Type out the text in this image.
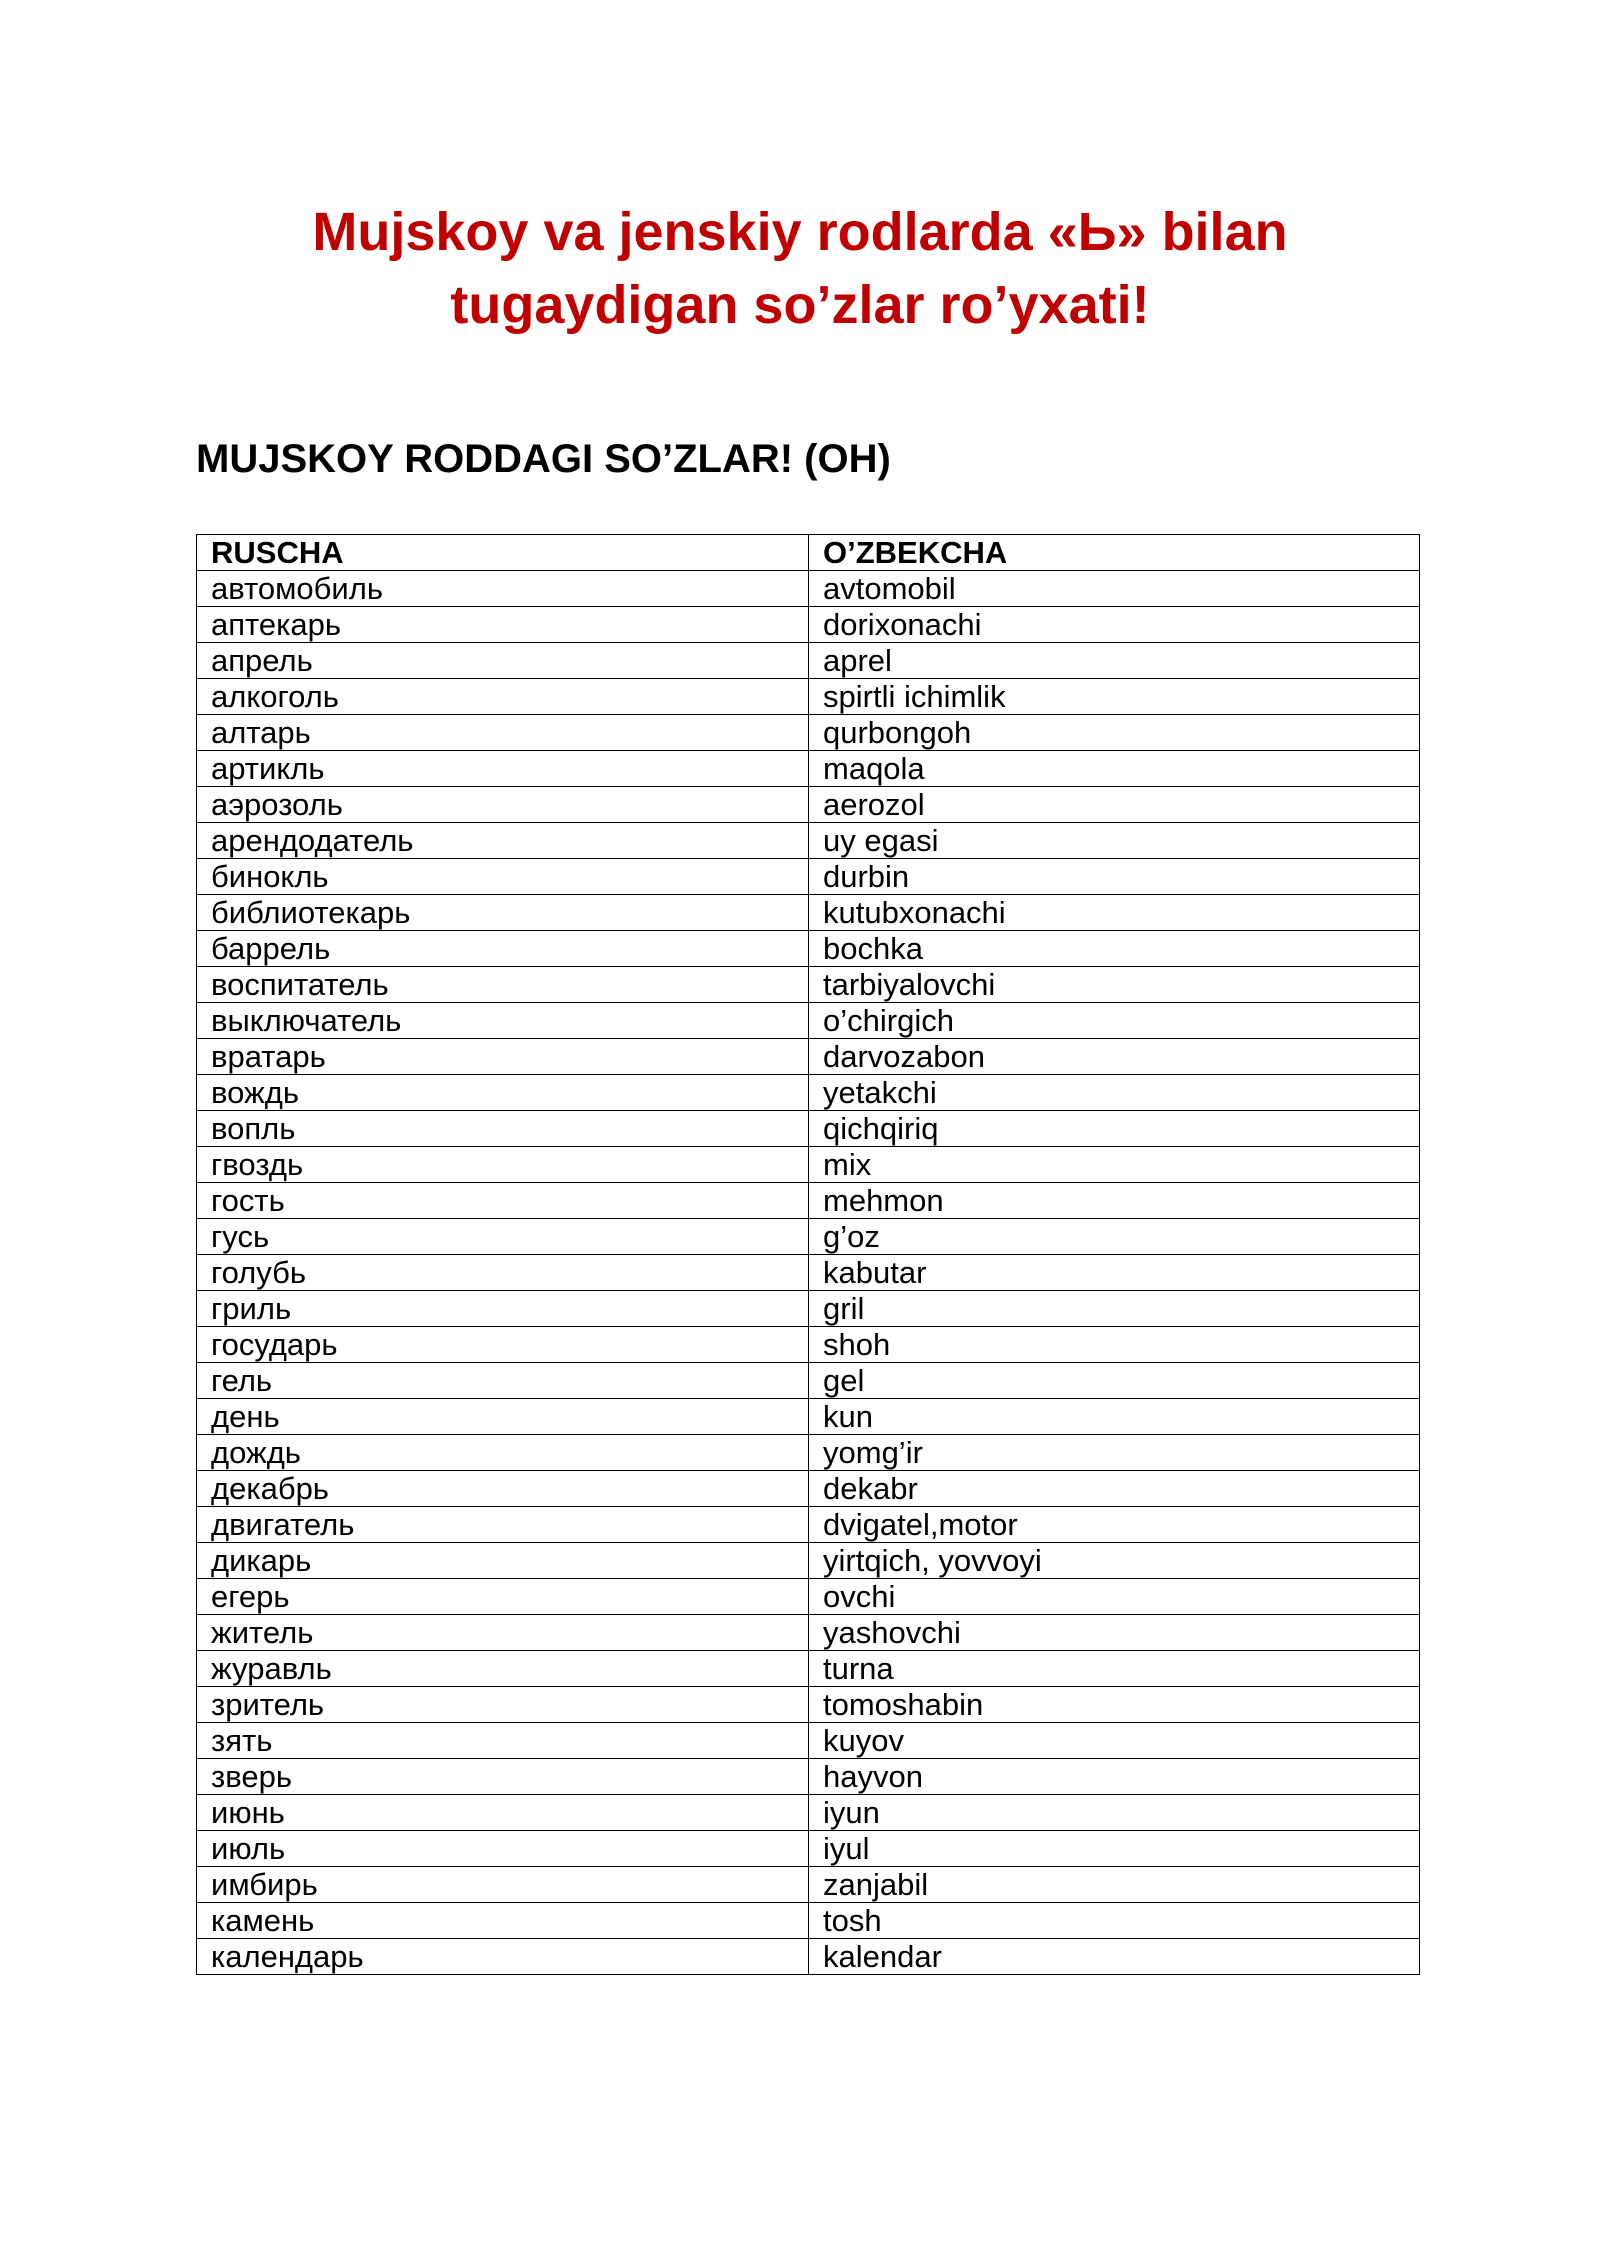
Mujskoy va jenskiy rodlarda «Ь» bilan
tugaydigan so’zlar ro’yxati!
MUJSKOY RODDAGI SO’ZLAR! (OH)
RUSCHA	O’ZBEKCHA
автомобиль	avtomobil
аптекарь	dorixonachi
апрель	aprel
алкоголь	spirtli ichimlik
алтарь	qurbongoh
артикль	maqola
аэрозоль	aerozol
арендодатель	uy egasi
бинокль	durbin
библиотекарь	kutubxonachi
баррель	bochka
воспитатель	tarbiyalovchi
выключатель	o’chirgich
вратарь	darvozabon
вождь	yetakchi
вопль	qichqiriq
гвоздь	mix
гость	mehmon
гусь	g’oz
голубь	kabutar
гриль	gril
государь	shoh
гель	gel
день	kun
дождь	yomg’ir
декабрь	dekabr
двигатель	dvigatel,motor
дикарь	yirtqich, yovvoyi
егерь	ovchi
житель	yashovchi
журавль	turna
зритель	tomoshabin
зять	kuyov
зверь	hayvon
июнь	iyun
июль	iyul
имбирь	zanjabil
камень	tosh
календарь	kalendar
